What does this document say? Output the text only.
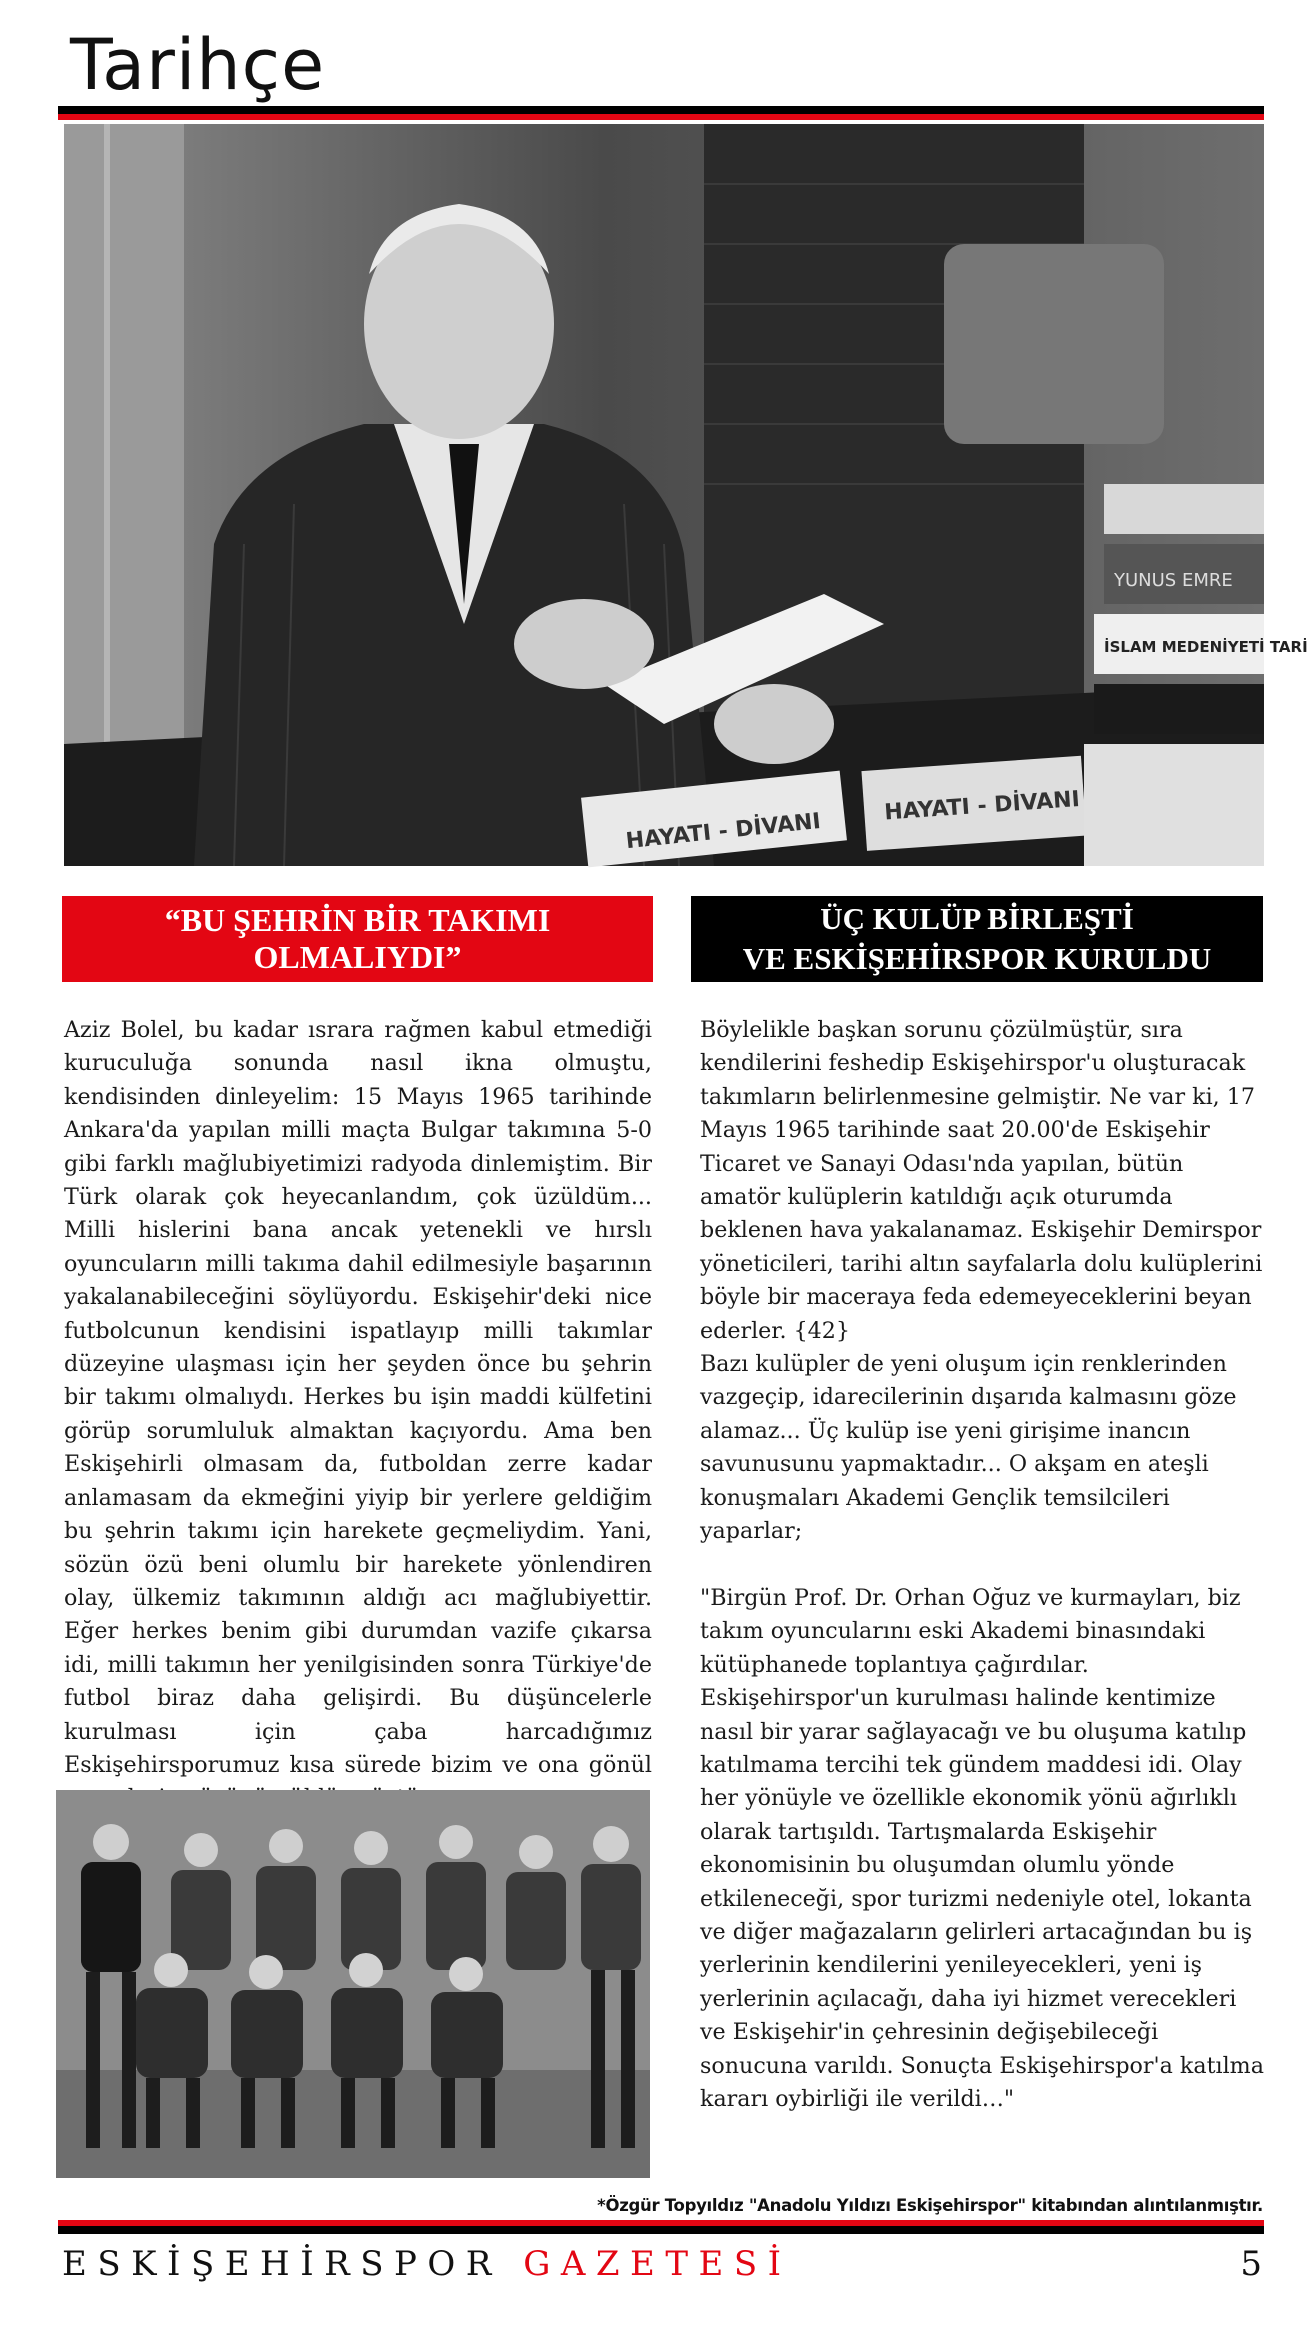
Tarihçe
HAYATI - DİVANI
HAYATI - DİVANI
YUNUS EMRE
İSLAM MEDENİYETİ TARİ
“BU ŞEHRİN BİR TAKIMI OLMALIYDI”
ÜÇ KULÜP BİRLEŞTİ
VE ESKİŞEHİRSPOR KURULDU

Aziz Bolel, bu kadar ısrara rağmen kabul etmediği kuruculuğa sonunda nasıl ikna olmuştu, kendisinden dinleyelim: 15 Mayıs 1965 tarihinde Ankara'da yapılan milli maçta Bulgar takımına 5-0 gibi farklı mağlubiyetimizi radyoda dinlemiştim. Bir Türk olarak çok heyecanlandım, çok üzüldüm... Milli hislerini bana ancak yetenekli ve hırslı oyuncuların milli takıma dahil edilmesiyle başarının yakalanabileceğini söylüyordu. Eskişehir'deki nice futbolcunun kendisini ispatlayıp milli takımlar düzeyine ulaşması için her şeyden önce bu şehrin bir takımı olmalıydı. Herkes bu işin maddi külfetini görüp sorumluluk almaktan kaçıyordu. Ama ben Eskişehirli olmasam da, futboldan zerre kadar anlamasam da ekmeğini yiyip bir yerlere geldiğim bu şehrin takımı için harekete geçmeliydim. Yani, sözün özü beni olumlu bir harekete yönlendiren olay, ülkemiz takımının aldığı acı mağlubiyettir. Eğer herkes benim gibi durumdan vazife çıkarsa idi, milli takımın her yenilgisinden sonra Türkiye'de futbol biraz daha gelişirdi. Bu düşüncelerle kurulması için çaba harcadığımız Eskişehirsporumuz kısa sürede bizim ve ona gönül

Böylelikle başkan sorunu çözülmüştür, sıra kendilerini feshedip Eskişehirspor'u oluşturacak takımların belirlenmesine gelmiştir. Ne var ki, 17 Mayıs 1965 tarihinde saat 20.00'de Eskişehir Ticaret ve Sanayi Odası'nda yapılan, bütün amatör kulüplerin katıldığı açık oturumda beklenen hava yakalanamaz. Eskişehir Demirspor yöneticileri, tarihi altın sayfalarla dolu kulüplerini böyle bir maceraya feda edemeyeceklerini beyan ederler. {42}

Bazı kulüpler de yeni oluşum için renklerinden vazgeçip, idarecilerinin dışarıda kalmasını göze alamaz... Üç kulüp ise yeni girişime inancın savunusunu yapmaktadır... O akşam en ateşli konuşmaları Akademi Gençlik temsilcileri yaparlar;

"Birgün Prof. Dr. Orhan Oğuz ve kurmayları, biz takım oyuncularını eski Akademi binasındaki kütüphanede toplantıya çağırdılar. Eskişehirspor'un kurulması halinde kentimize nasıl bir yarar sağlayacağı ve bu oluşuma katılıp katılmama tercihi tek gündem maddesi idi. Olay her yönüyle ve özellikle ekonomik yönü ağırlıklı olarak tartışıldı. Tartışmalarda Eskişehir ekonomisinin bu oluşumdan olumlu yönde etkileneceği, spor turizmi nedeniyle otel, lokanta ve diğer mağazaların gelirleri artacağından bu iş yerlerinin kendilerini yenileyecekleri, yeni iş yerlerinin açılacağı, daha iyi hizmet verecekleri ve Eskişehir'in çehresinin değişebileceği sonucuna varıldı. Sonuçta Eskişehirspor'a katılma kararı oybirliği ile verildi…"

*Özgür Topyıldız "Anadolu Yıldızı Eskişehirspor" kitabından alıntılanmıştır.
ESKİŞEHİRSPOR GAZETESİ	5
